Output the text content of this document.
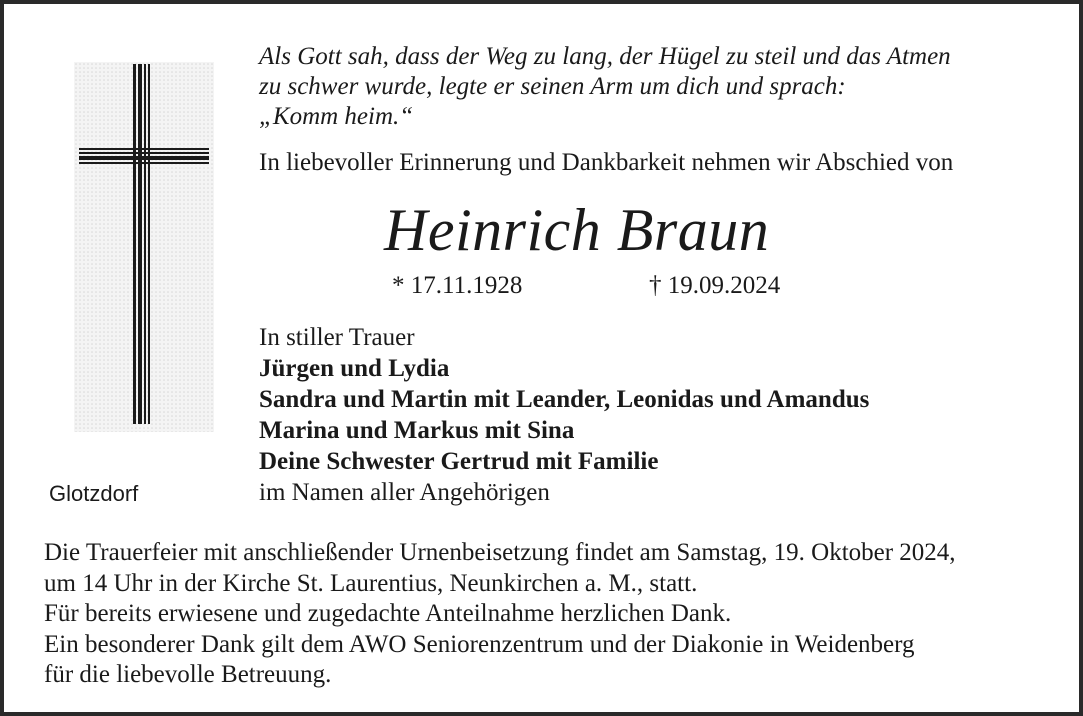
Glotzdorf
Als Gott sah, dass der Weg zu lang, der Hügel zu steil und das Atmen
zu schwer wurde, legte er seinen Arm um dich und sprach:
„Komm heim.“
In liebevoller Erinnerung und Dankbarkeit nehmen wir Abschied von
Heinrich Braun
* 17.11.1928	† 19.09.2024
In stiller Trauer
Jürgen und Lydia
Sandra und Martin mit Leander, Leonidas und Amandus
Marina und Markus mit Sina
Deine Schwester Gertrud mit Familie
im Namen aller Angehörigen
Die Trauerfeier mit anschließender Urnenbeisetzung findet am Samstag, 19. Oktober 2024,
um 14 Uhr in der Kirche St. Laurentius, Neunkirchen a. M., statt.
Für bereits erwiesene und zugedachte Anteilnahme herzlichen Dank.
Ein besonderer Dank gilt dem AWO Seniorenzentrum und der Diakonie in Weidenberg
für die liebevolle Betreuung.
